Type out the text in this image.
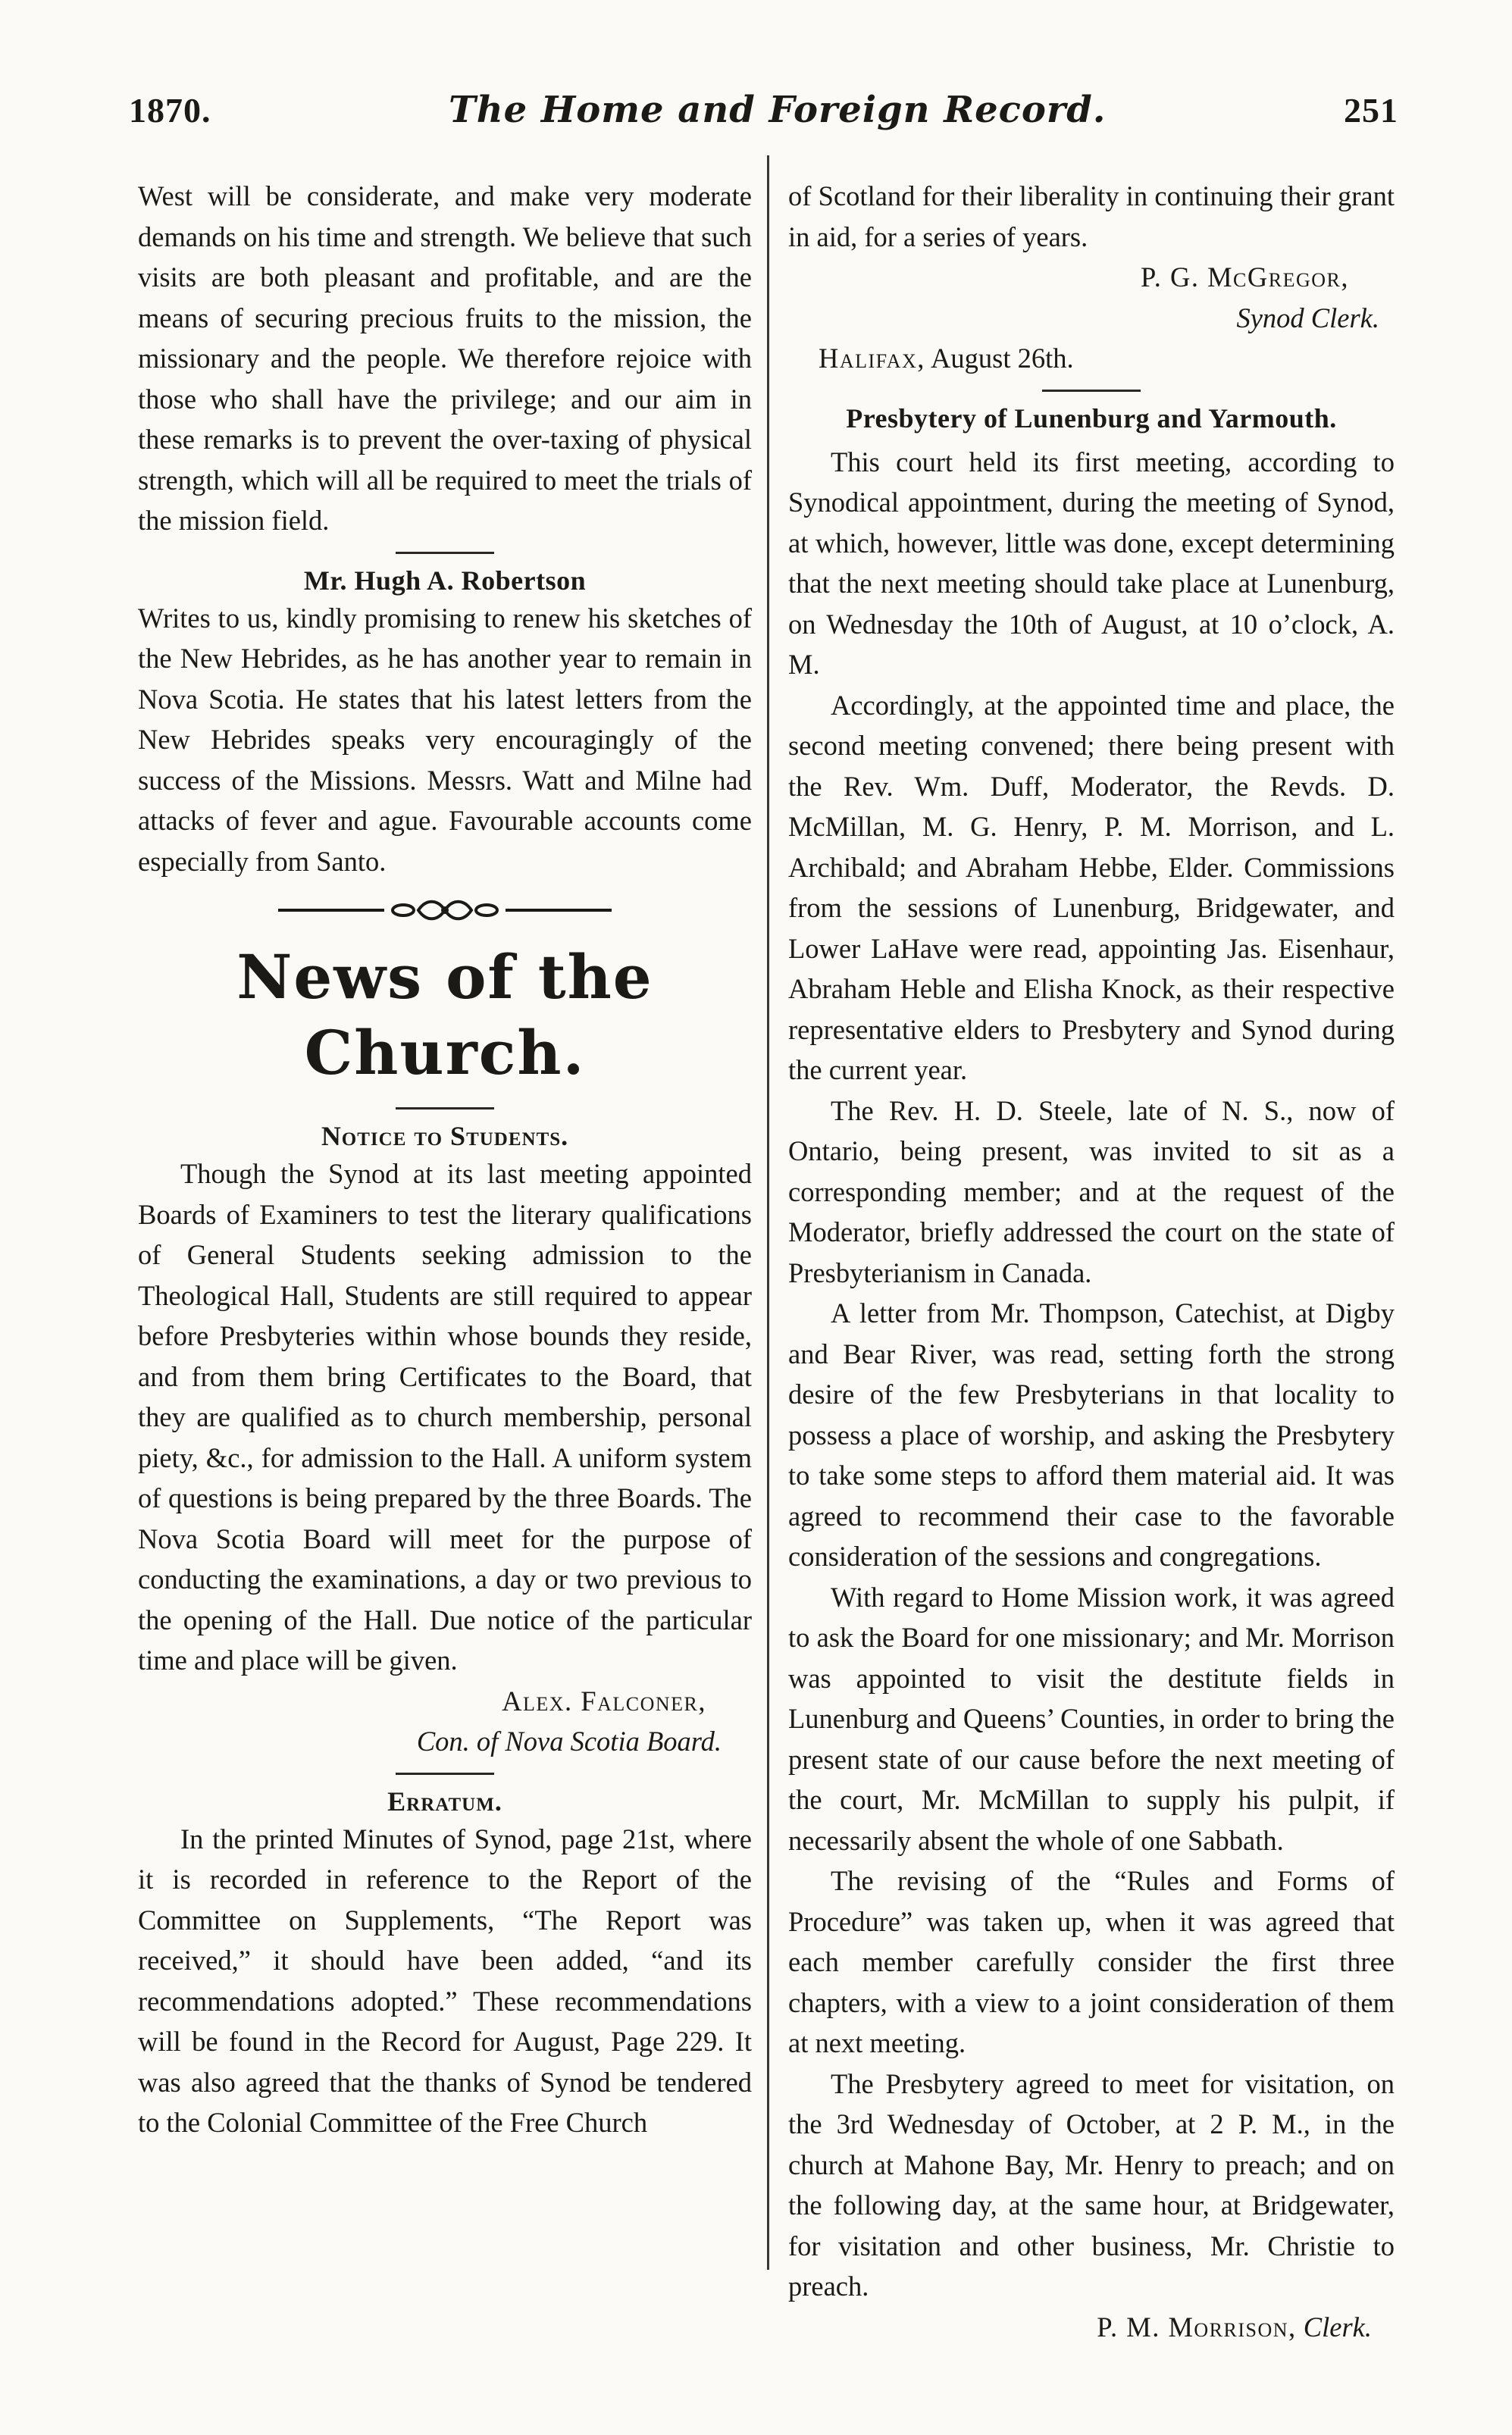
1870.	The Home and Foreign Record.	251

West will be considerate, and make very moderate demands on his time and strength. We believe that such visits are both pleasant and profitable, and are the means of securing precious fruits to the mission, the missionary and the people. We therefore rejoice with those who shall have the privilege; and our aim in these remarks is to prevent the over-taxing of physical strength, which will all be required to meet the trials of the mission field.

Mr. Hugh A. Robertson

Writes to us, kindly promising to renew his sketches of the New Hebrides, as he has another year to remain in Nova Scotia. He states that his latest letters from the New Hebrides speaks very encouragingly of the success of the Missions. Messrs. Watt and Milne had attacks of fever and ague. Favourable accounts come especially from Santo.

News of the Church.
Notice to Students.

Though the Synod at its last meeting appointed Boards of Examiners to test the literary qualifications of General Students seeking admission to the Theological Hall, Students are still required to appear before Presbyteries within whose bounds they reside, and from them bring Certificates to the Board, that they are qualified as to church membership, personal piety, &c., for admission to the Hall. A uniform system of questions is being prepared by the three Boards. The Nova Scotia Board will meet for the purpose of conducting the examinations, a day or two previous to the opening of the Hall. Due notice of the particular time and place will be given.

Alex. Falconer,

Con. of Nova Scotia Board.

Erratum.

In the printed Minutes of Synod, page 21st, where it is recorded in reference to the Report of the Committee on Supplements, “The Report was received,” it should have been added, “and its recommendations adopted.” These recommendations will be found in the Record for August, Page 229. It was also agreed that the thanks of Synod be tendered to the Colonial Committee of the Free Church

of Scotland for their liberality in continuing their grant in aid, for a series of years.

P. G. McGregor,

Synod Clerk.

Halifax, August 26th.

Presbytery of Lunenburg and Yarmouth.

This court held its first meeting, according to Synodical appointment, during the meeting of Synod, at which, however, little was done, except determining that the next meeting should take place at Lunenburg, on Wednesday the 10th of August, at 10 o’clock, A. M.

Accordingly, at the appointed time and place, the second meeting convened; there being present with the Rev. Wm. Duff, Moderator, the Revds. D. McMillan, M. G. Henry, P. M. Morrison, and L. Archibald; and Abraham Hebbe, Elder. Commissions from the sessions of Lunenburg, Bridgewater, and Lower LaHave were read, appointing Jas. Eisenhaur, Abraham Heble and Elisha Knock, as their respective representative elders to Presbytery and Synod during the current year.

The Rev. H. D. Steele, late of N. S., now of Ontario, being present, was invited to sit as a corresponding member; and at the request of the Moderator, briefly addressed the court on the state of Presbyterianism in Canada.

A letter from Mr. Thompson, Catechist, at Digby and Bear River, was read, setting forth the strong desire of the few Presbyterians in that locality to possess a place of worship, and asking the Presbytery to take some steps to afford them material aid. It was agreed to recommend their case to the favorable consideration of the sessions and congregations.

With regard to Home Mission work, it was agreed to ask the Board for one missionary; and Mr. Morrison was appointed to visit the destitute fields in Lunenburg and Queens’ Counties, in order to bring the present state of our cause before the next meeting of the court, Mr. McMillan to supply his pulpit, if necessarily absent the whole of one Sabbath.

The revising of the “Rules and Forms of Procedure” was taken up, when it was agreed that each member carefully consider the first three chapters, with a view to a joint consideration of them at next meeting.

The Presbytery agreed to meet for visitation, on the 3rd Wednesday of October, at 2 P. M., in the church at Mahone Bay, Mr. Henry to preach; and on the following day, at the same hour, at Bridgewater, for visitation and other business, Mr. Christie to preach.

P. M. Morrison, Clerk.
